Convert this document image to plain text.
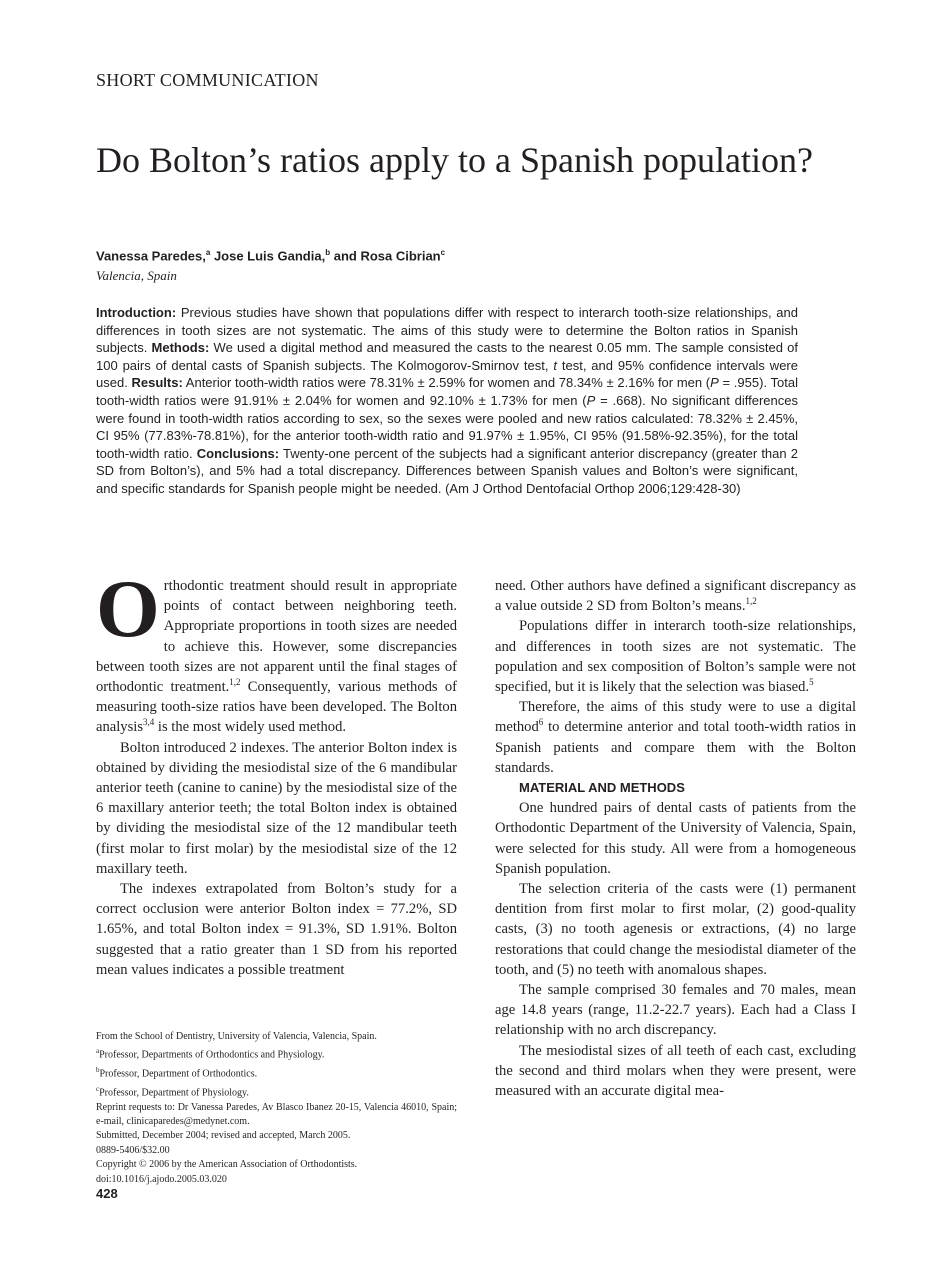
SHORT COMMUNICATION
Do Bolton’s ratios apply to a Spanish population?
Vanessa Paredes,$^a$ Jose Luis Gandia,$^b$ and Rosa Cibrian$^c$
Valencia, Spain

Introduction: Previous studies have shown that populations differ with respect to interarch tooth-size relationships, and differences in tooth sizes are not systematic. The aims of this study were to determine the Bolton ratios in Spanish subjects. Methods: We used a digital method and measured the casts to the nearest 0.05 mm. The sample consisted of 100 pairs of dental casts of Spanish subjects. The Kolmogorov-Smirnov test, t test, and 95% confidence intervals were used. Results: Anterior tooth-width ratios were 78.31% ± 2.59% for women and 78.34% ± 2.16% for men (P = .955). Total tooth-width ratios were 91.91% ± 2.04% for women and 92.10% ± 1.73% for men (P = .668). No significant differences were found in tooth-width ratios according to sex, so the sexes were pooled and new ratios calculated: 78.32% ± 2.45%, CI 95% (77.83%-78.81%), for the anterior tooth-width ratio and 91.97% ± 1.95%, CI 95% (91.58%-92.35%), for the total tooth-width ratio. Conclusions: Twenty-one percent of the subjects had a significant anterior discrepancy (greater than 2 SD from Bolton’s), and 5% had a total discrepancy. Differences between Spanish values and Bolton’s were significant, and specific standards for Spanish people might be needed. (Am J Orthod Dentofacial Orthop 2006;129:428-30)

Orthodontic treatment should result in appropriate points of contact between neighboring teeth. Appropriate proportions in tooth sizes are needed to achieve this. However, some discrepancies between tooth sizes are not apparent until the final stages of orthodontic treatment.$^{1,2}$ Consequently, various methods of measuring tooth-size ratios have been developed. The Bolton analysis$^{3,4}$ is the most widely used method.

Bolton introduced 2 indexes. The anterior Bolton index is obtained by dividing the mesiodistal size of the 6 mandibular anterior teeth (canine to canine) by the mesiodistal size of the 6 maxillary anterior teeth; the total Bolton index is obtained by dividing the mesiodistal size of the 12 mandibular teeth (first molar to first molar) by the mesiodistal size of the 12 maxillary teeth.

The indexes extrapolated from Bolton’s study for a correct occlusion were anterior Bolton index = 77.2%, SD 1.65%, and total Bolton index = 91.3%, SD 1.91%. Bolton suggested that a ratio greater than 1 SD from his reported mean values indicates a possible treatment

need. Other authors have defined a significant discrepancy as a value outside 2 SD from Bolton’s means.$^{1,2}$

Populations differ in interarch tooth-size relationships, and differences in tooth sizes are not systematic. The population and sex composition of Bolton’s sample were not specified, but it is likely that the selection was biased.$^5$

Therefore, the aims of this study were to use a digital method$^6$ to determine anterior and total tooth-width ratios in Spanish patients and compare them with the Bolton standards.

MATERIAL AND METHODS

One hundred pairs of dental casts of patients from the Orthodontic Department of the University of Valencia, Spain, were selected for this study. All were from a homogeneous Spanish population.

The selection criteria of the casts were (1) permanent dentition from first molar to first molar, (2) good-quality casts, (3) no tooth agenesis or extractions, (4) no large restorations that could change the mesiodistal diameter of the tooth, and (5) no teeth with anomalous shapes.

The sample comprised 30 females and 70 males, mean age 14.8 years (range, 11.2-22.7 years). Each had a Class I relationship with no arch discrepancy.

The mesiodistal sizes of all teeth of each cast, excluding the second and third molars when they were present, were measured with an accurate digital mea-

From the School of Dentistry, University of Valencia, Valencia, Spain.
$^a$Professor, Departments of Orthodontics and Physiology.
$^b$Professor, Department of Orthodontics.
$^c$Professor, Department of Physiology.
Reprint requests to: Dr Vanessa Paredes, Av Blasco Ibanez 20-15, Valencia 46010, Spain; e-mail, clinicaparedes@medynet.com.
Submitted, December 2004; revised and accepted, March 2005.
0889-5406/$32.00
Copyright © 2006 by the American Association of Orthodontists.
doi:10.1016/j.ajodo.2005.03.020
428
